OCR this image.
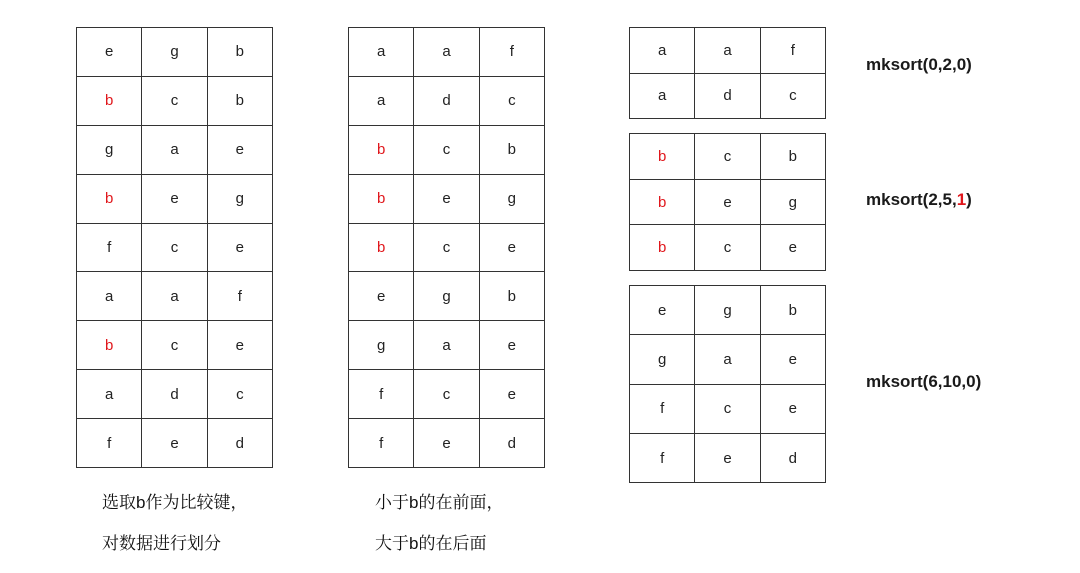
e	g	b
b	c	b
g	a	e
b	e	g
f	c	e
a	a	f
b	c	e
a	d	c
f	e	d
a	a	f
a	d	c
b	c	b
b	e	g
b	c	e
e	g	b
g	a	e
f	c	e
f	e	d
a	a	f
a	d	c
b	c	b
b	e	g
b	c	e
e	g	b
g	a	e
f	c	e
f	e	d
mksort(0,2,0)
mksort(2,5,1)
mksort(6,10,0)
选取b作为比较键，
对数据进行划分
小于b的在前面，
大于b的在后面
